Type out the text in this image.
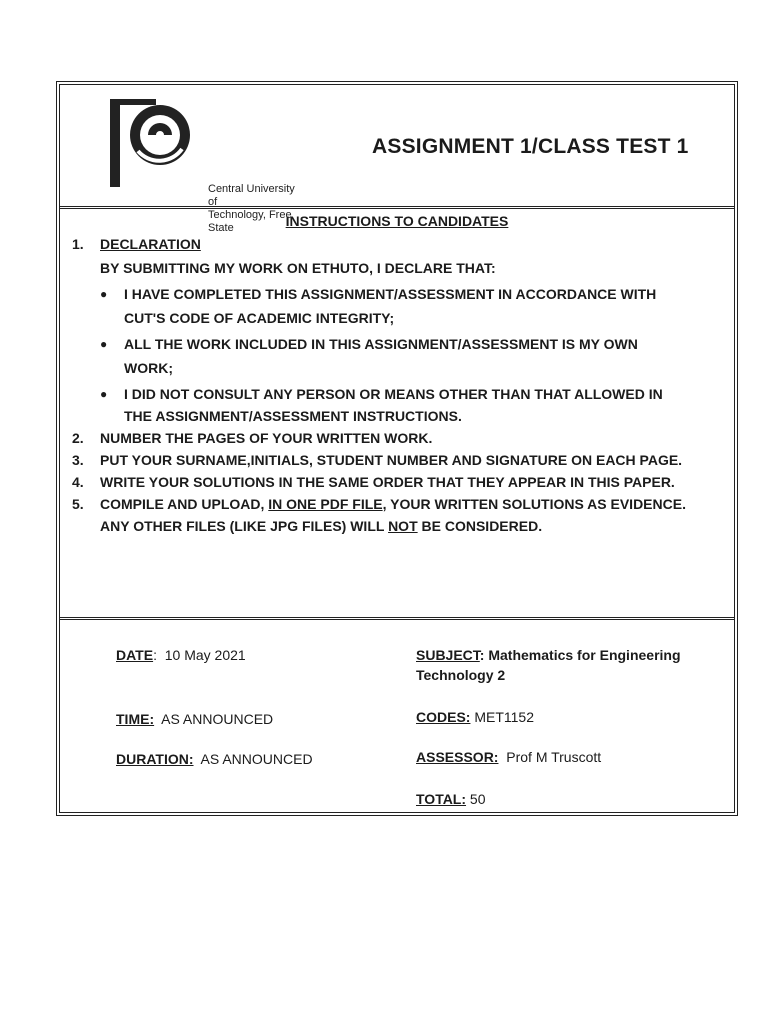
Central University of
Technology, Free State
ASSIGNMENT 1/CLASS TEST 1
INSTRUCTIONS TO CANDIDATES
1.	DECLARATION
BY SUBMITTING MY WORK ON ETHUTO, I DECLARE THAT:
●	I HAVE COMPLETED THIS ASSIGNMENT/ASSESSMENT IN ACCORDANCE WITH
CUT'S CODE OF ACADEMIC INTEGRITY;
●	ALL THE WORK INCLUDED IN THIS ASSIGNMENT/ASSESSMENT IS MY OWN
WORK;
●	I DID NOT CONSULT ANY PERSON OR MEANS OTHER THAN THAT ALLOWED IN
THE ASSIGNMENT/ASSESSMENT INSTRUCTIONS.
2.	NUMBER THE PAGES OF YOUR WRITTEN WORK.
3.	PUT YOUR SURNAME,INITIALS, STUDENT NUMBER AND SIGNATURE ON EACH PAGE.
4.	WRITE YOUR SOLUTIONS IN THE SAME ORDER THAT THEY APPEAR IN THIS PAPER.
5.	COMPILE AND UPLOAD, IN ONE PDF FILE, YOUR WRITTEN SOLUTIONS AS EVIDENCE.
ANY OTHER FILES (LIKE JPG FILES) WILL NOT BE CONSIDERED.
DATE:  10 May 2021
TIME: AS ANNOUNCED
DURATION: AS ANNOUNCED
SUBJECT: Mathematics for Engineering
Technology 2
CODES: MET1152
ASSESSOR: Prof M Truscott
TOTAL: 50
